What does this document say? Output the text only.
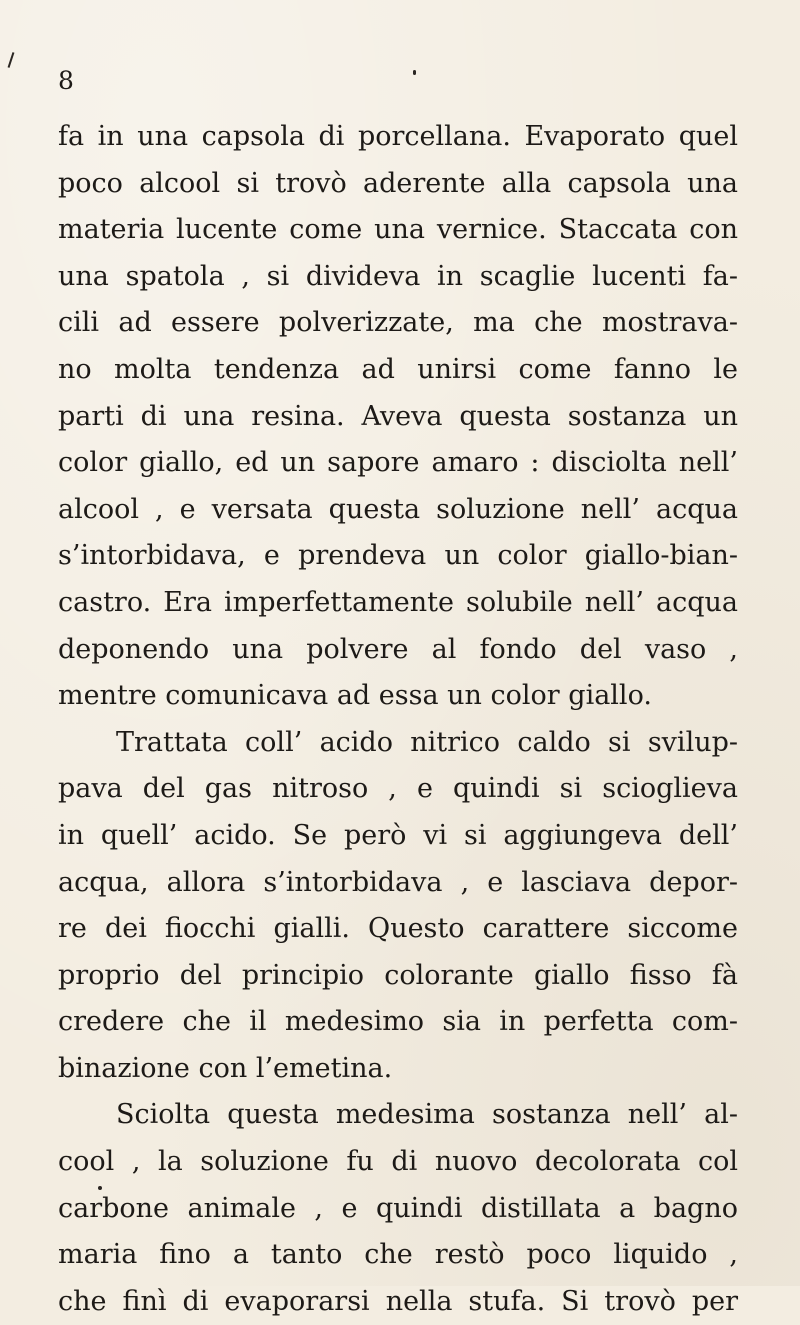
8
fa in una capsola di porcellana. Evaporato quel
poco alcool si trovò aderente alla capsola una
materia lucente come una vernice. Staccata con
una spatola , si divideva in scaglie lucenti fa-
cili ad essere polverizzate, ma che mostrava-
no molta tendenza ad unirsi come fanno le
parti di una resina. Aveva questa sostanza un
color giallo, ed un sapore amaro : disciolta nell’
alcool , e versata questa soluzione nell’ acqua
s’intorbidava, e prendeva un color giallo-bian-
castro. Era imperfettamente solubile nell’ acqua
deponendo una polvere al fondo del vaso ,
mentre comunicava ad essa un color giallo.
Trattata coll’ acido nitrico caldo si svilup-
pava del gas nitroso , e quindi si scioglieva
in quell’ acido. Se però vi si aggiungeva dell’
acqua, allora s’intorbidava , e lasciava depor-
re dei fiocchi gialli. Questo carattere siccome
proprio del principio colorante giallo fisso fà
credere che il medesimo sia in perfetta com-
binazione con l’emetina.
Sciolta questa medesima sostanza nell’ al-
cool , la soluzione fu di nuovo decolorata col
carbone animale , e quindi distillata a bagno
maria fino a tanto che restò poco liquido ,
che finì di evaporarsi nella stufa. Si trovò per
